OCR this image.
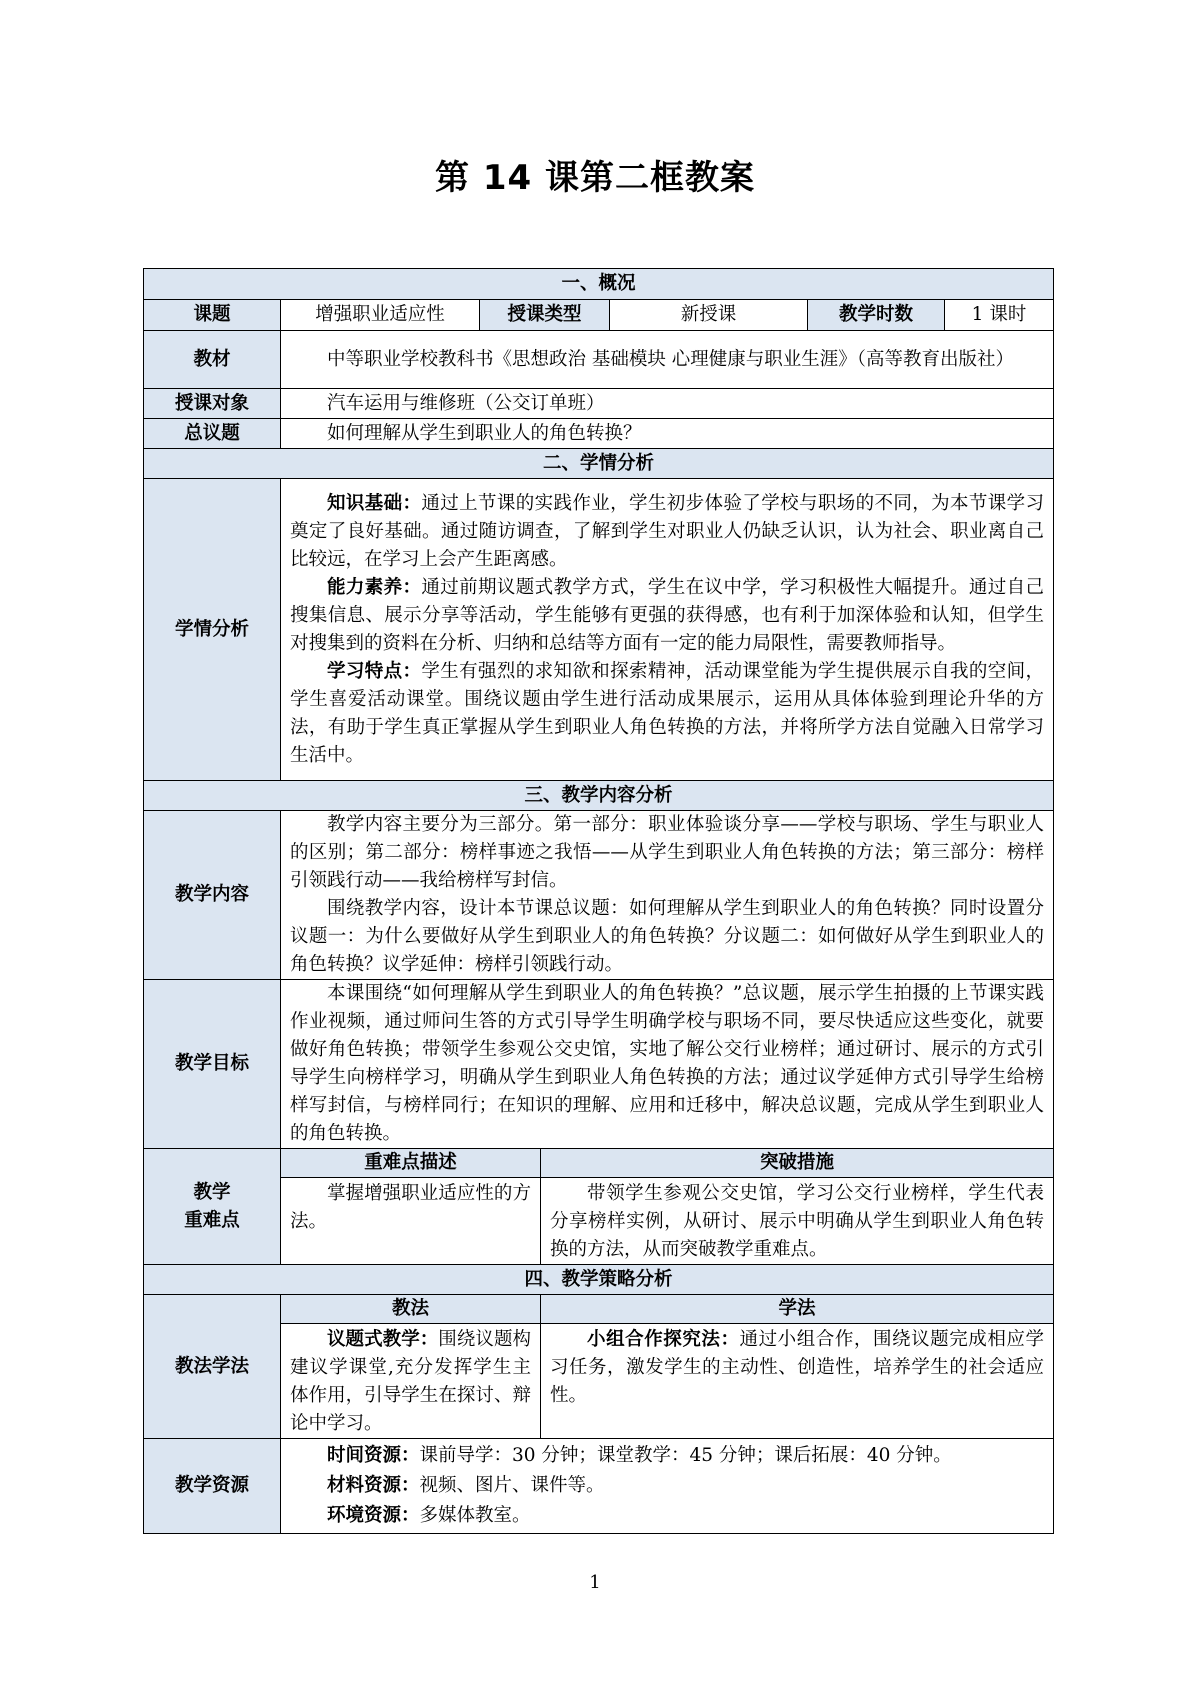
第 14 课第二框教案
一、概况					
课题	增强职业适应性	授课类型		新授课	教学时数 1 课时

教材	中等职业学校教科书《思想政治 基础模块 心理健康与职业生涯》（高等教育出版社）				

授课对象	汽车运用与维修班（公交订单班）				

总议题	如何理解从学生到职业人的角色转换？				

二、学情分析					
学情分析	知识基础：通过上节课的实践作业，学生初步体验了学校与职场的不同，为本节课学习奠定了良好基础。通过随访调查，了解到学生对职业人仍缺乏认识，认为社会、职业离自己比较远，在学习上会产生距离感。

能力素养：通过前期议题式教学方式，学生在议中学，学习积极性大幅提升。通过自己搜集信息、展示分享等活动，学生能够有更强的获得感，也有利于加深体验和认知，但学生对搜集到的资料在分析、归纳和总结等方面有一定的能力局限性，需要教师指导。

学习特点：学生有强烈的求知欲和探索精神，活动课堂能为学生提供展示自我的空间，学生喜爱活动课堂。围绕议题由学生进行活动成果展示，运用从具体体验到理论升华的方法，有助于学生真正掌握从学生到职业人角色转换的方法，并将所学方法自觉融入日常学习生活中。				

三、教学内容分析					
教学内容	教学内容主要分为三部分。第一部分：职业体验谈分享——学校与职场、学生与职业人的区别；第二部分：榜样事迹之我悟——从学生到职业人角色转换的方法；第三部分：榜样引领践行动——我给榜样写封信。

围绕教学内容，设计本节课总议题：如何理解从学生到职业人的角色转换？同时设置分议题一：为什么要做好从学生到职业人的角色转换？分议题二：如何做好从学生到职业人的角色转换？议学延伸：榜样引领践行动。				

教学目标	本课围绕“如何理解从学生到职业人的角色转换？”总议题，展示学生拍摄的上节课实践作业视频，通过师问生答的方式引导学生明确学校与职场不同，要尽快适应这些变化，就要做好角色转换；带领学生参观公交史馆，实地了解公交行业榜样；通过研讨、展示的方式引导学生向榜样学习，明确从学生到职业人角色转换的方法；通过议学延伸方式引导学生给榜样写封信，与榜样同行；在知识的理解、应用和迁移中，解决总议题，完成从学生到职业人的角色转换。				

教学
重难点	重难点描述		突破措施		

	掌握增强职业适应性的方法。		带领学生参观公交史馆，学习公交行业榜样，学生代表分享榜样实例，从研讨、展示中明确从学生到职业人角色转换的方法，从而突破教学重难点。		

四、教学策略分析					
教法学法	教法		学法		

	议题式教学：围绕议题构建议学课堂,充分发挥学生主体作用，引导学生在探讨、辩论中学习。		小组合作探究法：通过小组合作，围绕议题完成相应学习任务，激发学生的主动性、创造性，培养学生的社会适应性。		

教学资源	时间资源：课前导学：30 分钟；课堂教学：45 分钟；课后拓展：40 分钟。

材料资源：视频、图片、课件等。

环境资源：多媒体教室。				

1
